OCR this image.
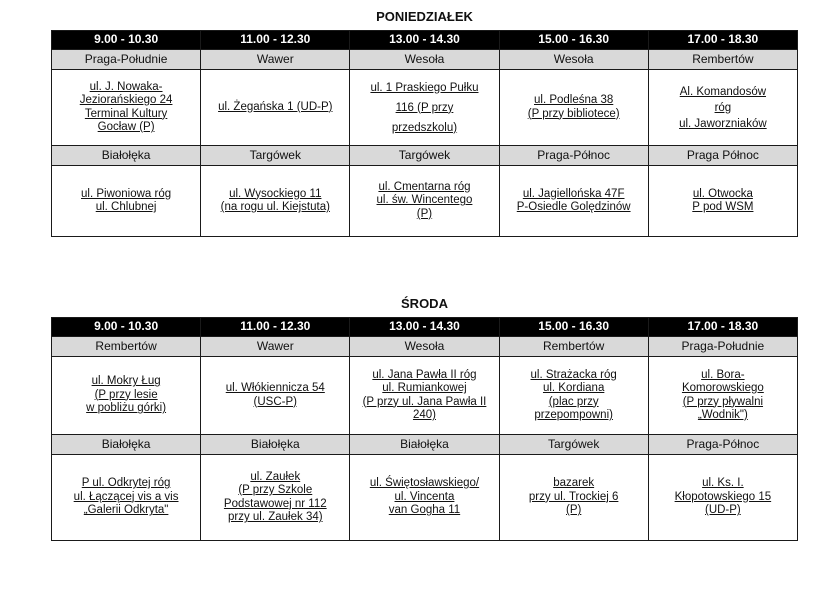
PONIEDZIAŁEK
9.00 - 10.30	11.00 - 12.30	13.00 - 14.30	15.00 - 16.30	17.00 - 18.30
Praga-Południe	Wawer	Wesoła	Wesoła	Rembertów

ul. J. Nowaka-
Jeziorańskiego 24
Terminal Kultury
Gocław (P)	ul. Żegańska 1 (UD-P)	ul. 1 Praskiego Pułku
116 (P przy
przedszkolu)	ul. Podleśna 38
(P przy bibliotece)	Al. Komandosów
róg
ul. Jaworzniaków

Białołęka	Targówek	Targówek	Praga-Północ	Praga Północ

ul. Piwoniowa róg
ul. Chlubnej	ul. Wysockiego 11
(na rogu ul. Kiejstuta)	ul. Cmentarna róg
ul. św. Wincentego
(P)	ul. Jagiellońska 47F
P-Osiedle Golędzinów	ul. Otwocka
P pod WSM
ŚRODA
9.00 - 10.30	11.00 - 12.30	13.00 - 14.30	15.00 - 16.30	17.00 - 18.30
Rembertów	Wawer	Wesoła	Rembertów	Praga-Południe

ul. Mokry Ług
(P przy lesie
w pobliżu górki)	ul. Włókiennicza 54
(USC-P)	ul. Jana Pawła II róg
ul. Rumiankowej
(P przy ul. Jana Pawła II
240)	ul. Strażacka róg
ul. Kordiana
(plac przy
przepompowni)	ul. Bora-
Komorowskiego
(P przy pływalni
„Wodnik")

Białołęka	Białołęka	Białołęka	Targówek	Praga-Północ

P ul. Odkrytej róg
ul. Łączącej vis a vis
„Galerii Odkryta"	ul. Zaułek
(P przy Szkole
Podstawowej nr 112
przy ul. Zaułek 34)	ul. Świętosławskiego/
ul. Vincenta
van Gogha 11	bazarek
przy ul. Trockiej 6
(P)	ul. Ks. I.
Kłopotowskiego 15
(UD-P)
